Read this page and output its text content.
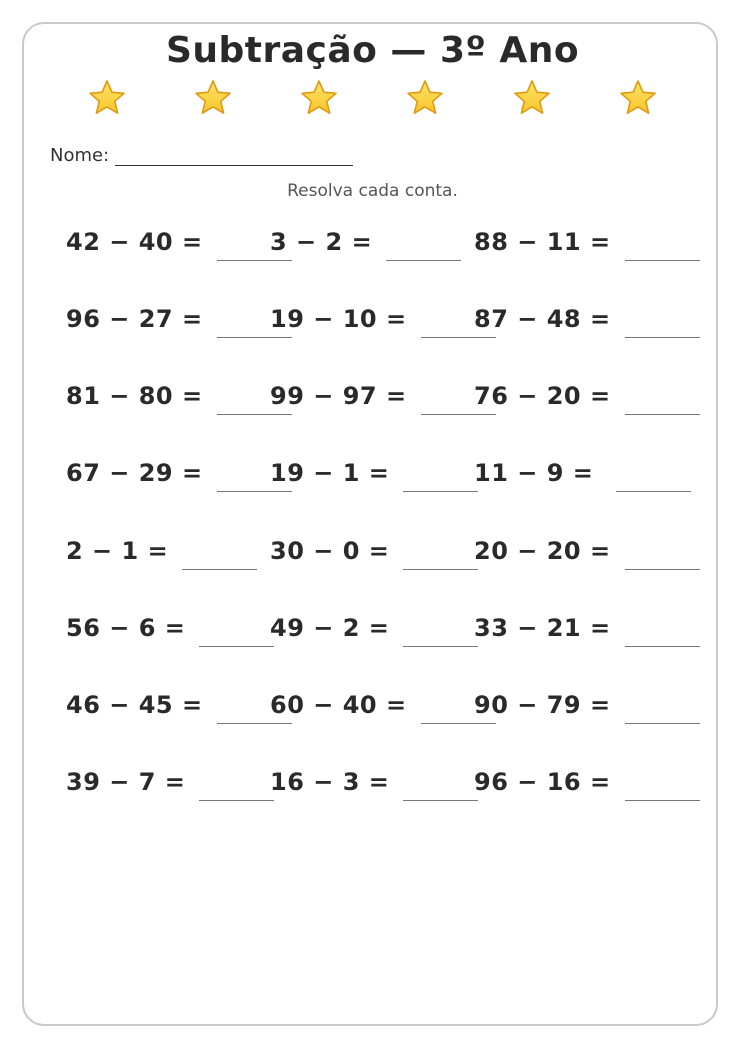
Subtração — 3º Ano
Nome:
Resolva cada conta.
42 − 40 =	3 − 2 =	88 − 11 =
96 − 27 =	19 − 10 =	87 − 48 =
81 − 80 =	99 − 97 =	76 − 20 =
67 − 29 =	19 − 1 =	11 − 9 =
2 − 1 =	30 − 0 =	20 − 20 =
56 − 6 =	49 − 2 =	33 − 21 =
46 − 45 =	60 − 40 =	90 − 79 =
39 − 7 =	16 − 3 =	96 − 16 =
